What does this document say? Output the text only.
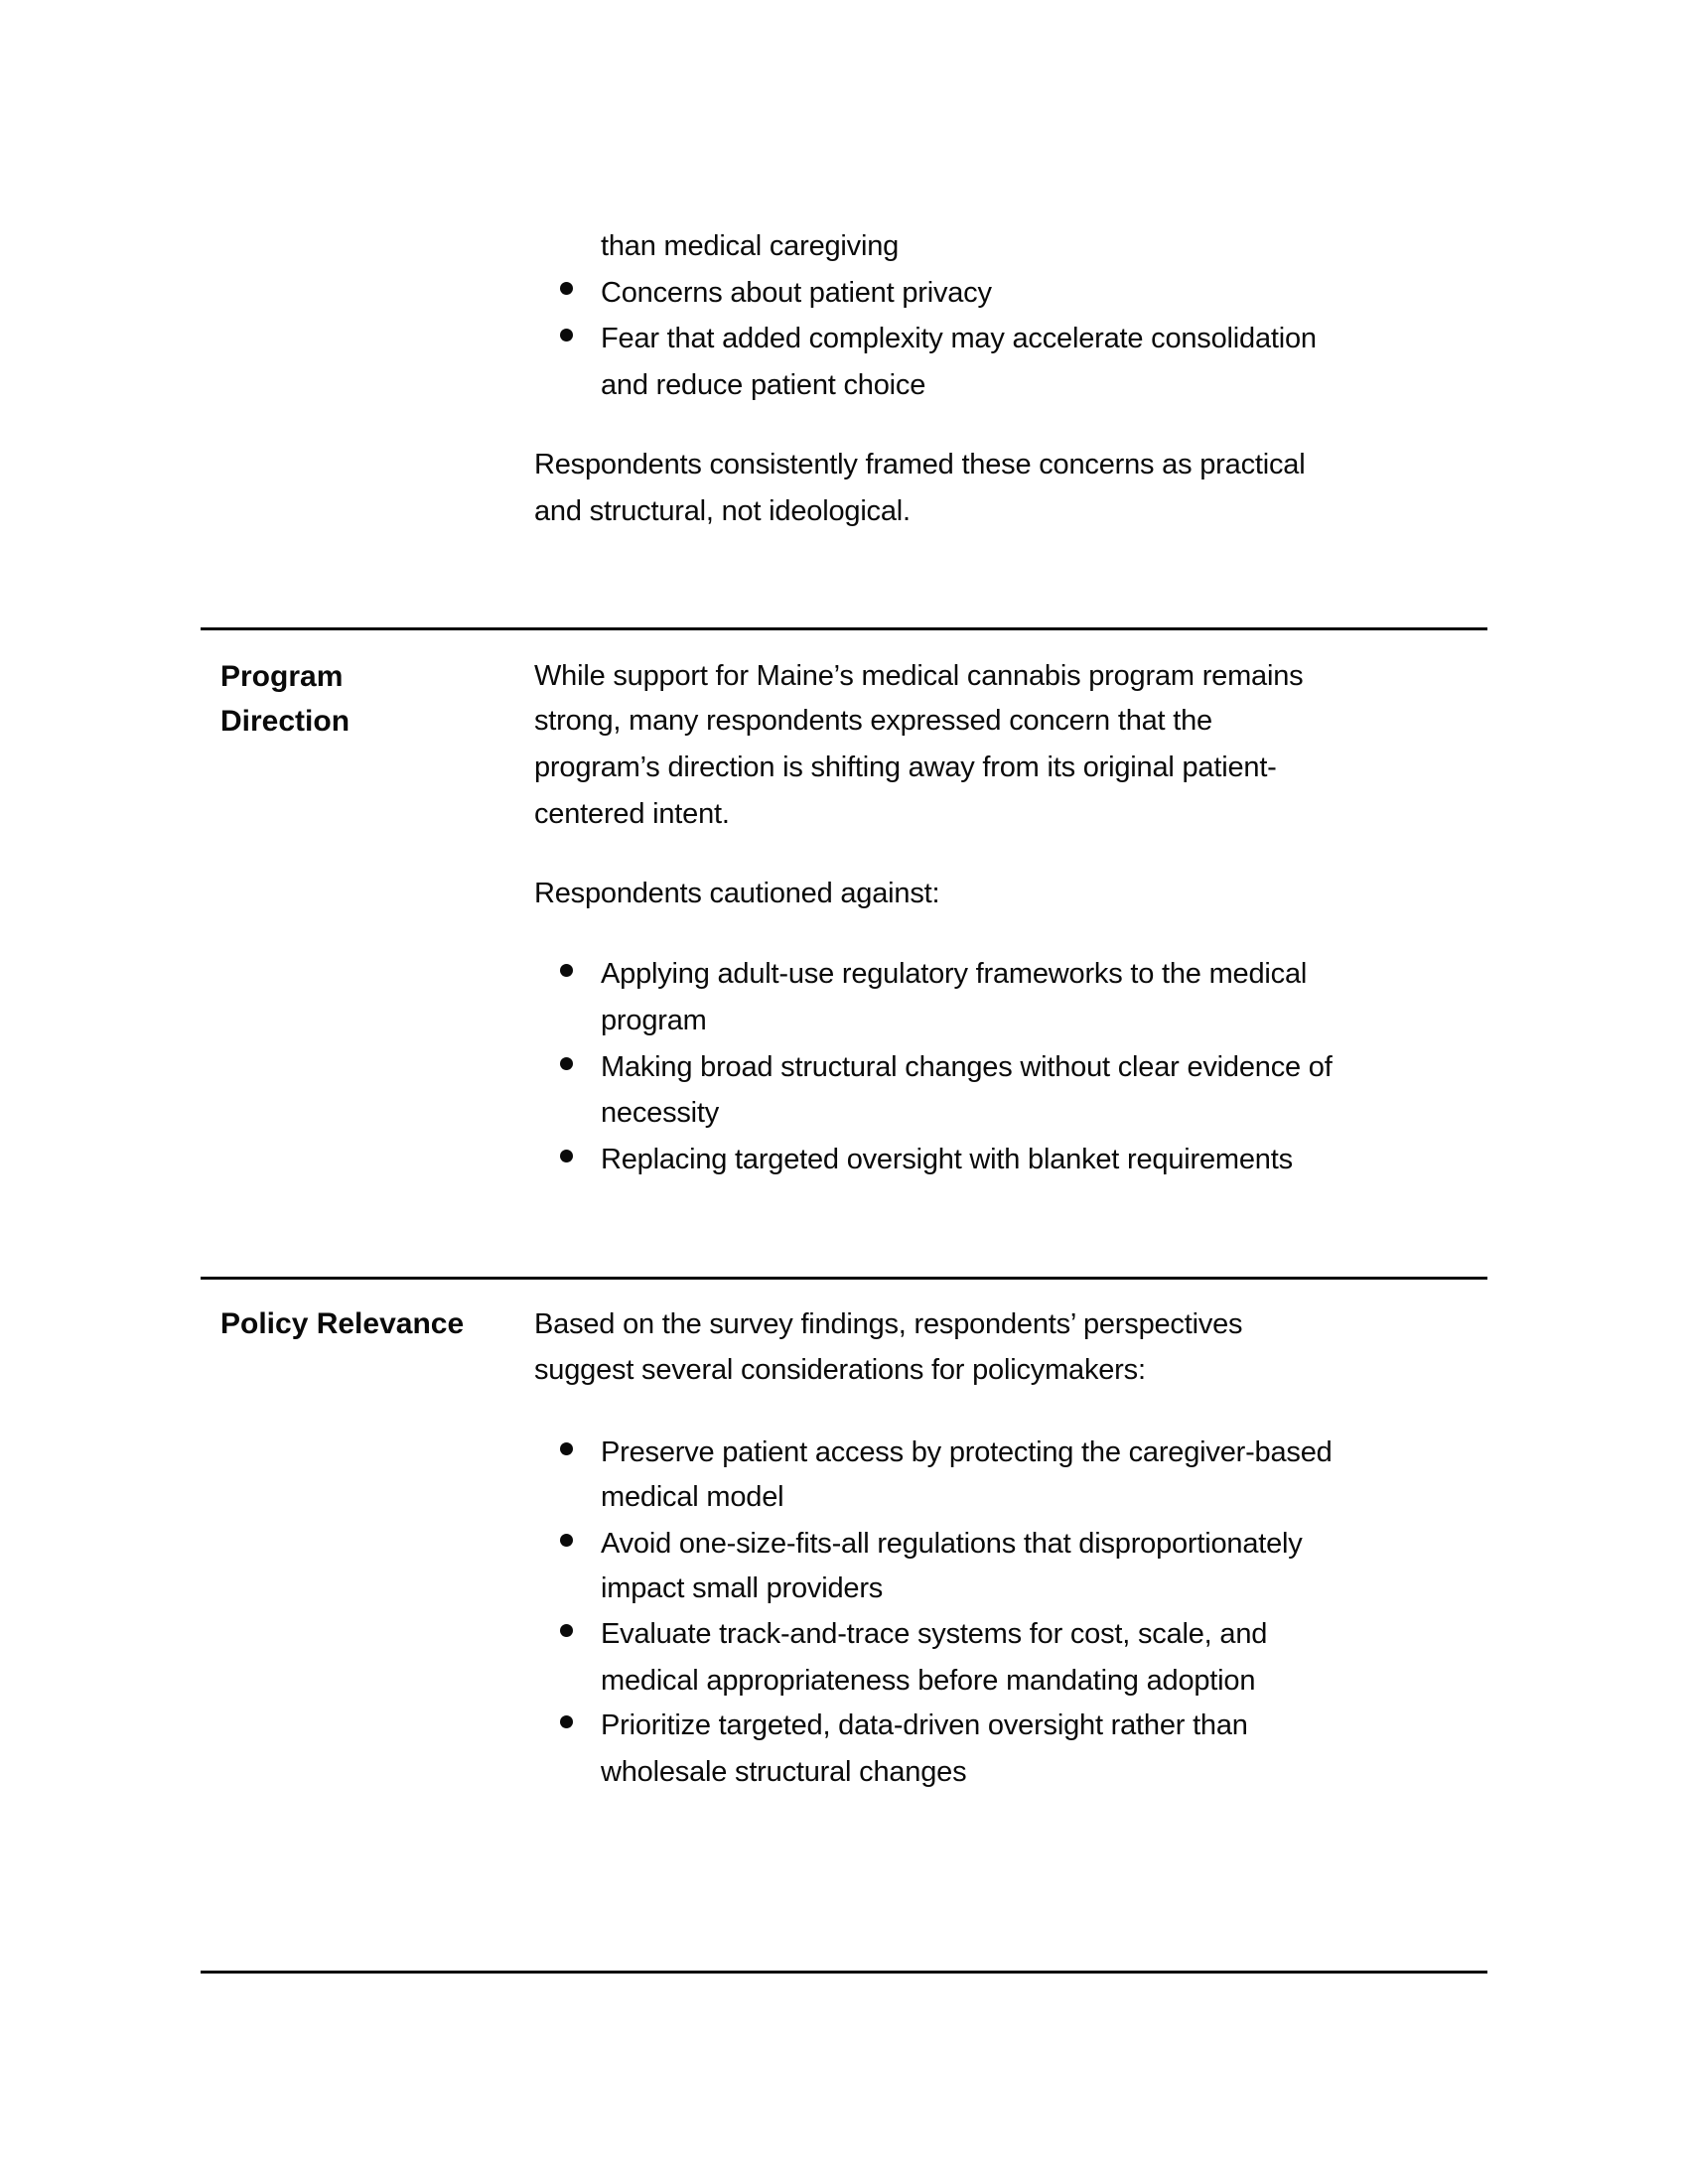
than medical caregiving
Concerns about patient privacy
Fear that added complexity may accelerate consolidation
and reduce patient choice
Respondents consistently framed these concerns as practical
and structural, not ideological.
Program
Direction
While support for Maine’s medical cannabis program remains
strong, many respondents expressed concern that the
program’s direction is shifting away from its original patient-
centered intent.
Respondents cautioned against:
Applying adult-use regulatory frameworks to the medical
program
Making broad structural changes without clear evidence of
necessity
Replacing targeted oversight with blanket requirements
Policy Relevance Based on the survey findings, respondents’ perspectives
suggest several considerations for policymakers:
Preserve patient access by protecting the caregiver-based
medical model
Avoid one-size-fits-all regulations that disproportionately
impact small providers
Evaluate track-and-trace systems for cost, scale, and
medical appropriateness before mandating adoption
Prioritize targeted, data-driven oversight rather than
wholesale structural changes
